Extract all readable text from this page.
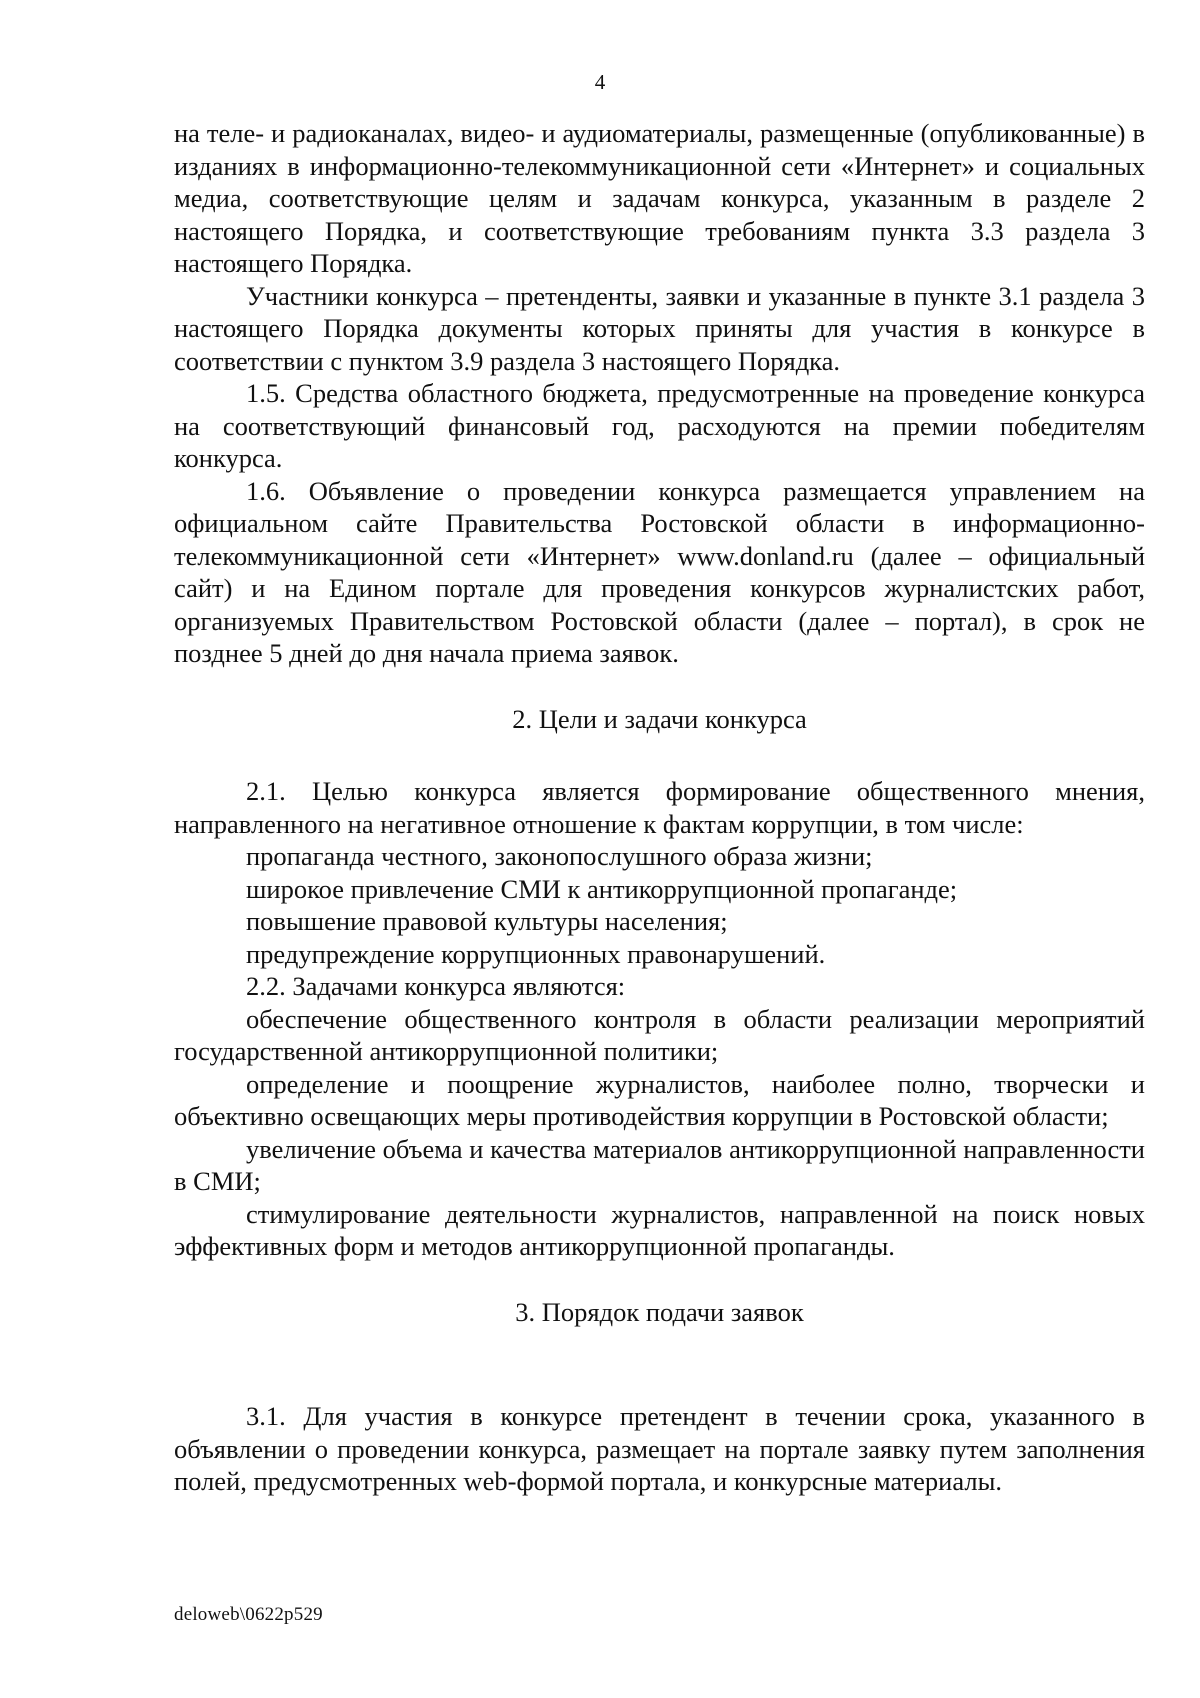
4

на теле- и радиоканалах, видео- и аудиоматериалы, размещенные (опубликованные) в изданиях в информационно-телекоммуникационной сети «Интернет» и социальных медиа, соответствующие целям и задачам конкурса, указанным в разделе 2 настоящего Порядка, и соответствующие требованиям пункта 3.3 раздела 3 настоящего Порядка.

Участники конкурса – претенденты, заявки и указанные в пункте 3.1 раздела 3 настоящего Порядка документы которых приняты для участия в конкурсе в соответствии с пунктом 3.9 раздела 3 настоящего Порядка.

1.5. Средства областного бюджета, предусмотренные на проведение конкурса на соответствующий финансовый год, расходуются на премии победителям конкурса.

1.6. Объявление о проведении конкурса размещается управлением на официальном сайте Правительства Ростовской области в информационно-телекоммуникационной сети «Интернет» www.donland.ru (далее – официальный сайт) и на Едином портале для проведения конкурсов журналистских работ, организуемых Правительством Ростовской области (далее – портал), в срок не позднее 5 дней до дня начала приема заявок.

2. Цели и задачи конкурса

2.1. Целью конкурса является формирование общественного мнения, направленного на негативное отношение к фактам коррупции, в том числе:

пропаганда честного, законопослушного образа жизни;

широкое привлечение СМИ к антикоррупционной пропаганде;

повышение правовой культуры населения;

предупреждение коррупционных правонарушений.

2.2. Задачами конкурса являются:

обеспечение общественного контроля в области реализации мероприятий государственной антикоррупционной политики;

определение и поощрение журналистов, наиболее полно, творчески и объективно освещающих меры противодействия коррупции в Ростовской области;

увеличение объема и качества материалов антикоррупционной направленности в СМИ;

стимулирование деятельности журналистов, направленной на поиск новых эффективных форм и методов антикоррупционной пропаганды.

3. Порядок подачи заявок

3.1. Для участия в конкурсе претендент в течении срока, указанного в объявлении о проведении конкурса, размещает на портале заявку путем заполнения полей, предусмотренных web-формой портала, и конкурсные материалы.

deloweb\0622p529
